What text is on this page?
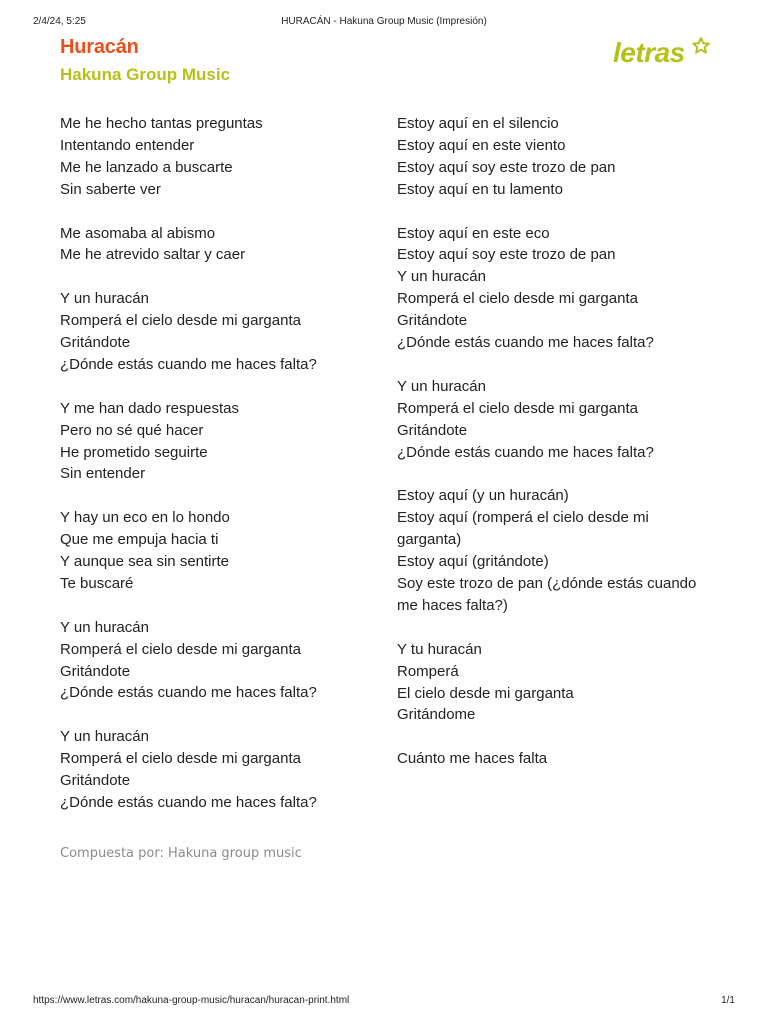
2/4/24, 5:25	HURACÁN - Hakuna Group Music (Impresión)
Huracán
Hakuna Group Music
letras
Me he hecho tantas preguntas
Intentando entender
Me he lanzado a buscarte
Sin saberte ver
Me asomaba al abismo
Me he atrevido saltar y caer
Y un huracán
Romperá el cielo desde mi garganta
Gritándote
¿Dónde estás cuando me haces falta?
Y me han dado respuestas
Pero no sé qué hacer
He prometido seguirte
Sin entender
Y hay un eco en lo hondo
Que me empuja hacia ti
Y aunque sea sin sentirte
Te buscaré
Y un huracán
Romperá el cielo desde mi garganta
Gritándote
¿Dónde estás cuando me haces falta?
Y un huracán
Romperá el cielo desde mi garganta
Gritándote
¿Dónde estás cuando me haces falta?
Estoy aquí en el silencio
Estoy aquí en este viento
Estoy aquí soy este trozo de pan
Estoy aquí en tu lamento
Estoy aquí en este eco
Estoy aquí soy este trozo de pan
Y un huracán
Romperá el cielo desde mi garganta
Gritándote
¿Dónde estás cuando me haces falta?
Y un huracán
Romperá el cielo desde mi garganta
Gritándote
¿Dónde estás cuando me haces falta?
Estoy aquí (y un huracán)
Estoy aquí (romperá el cielo desde mi garganta)
Estoy aquí (gritándote)
Soy este trozo de pan (¿dónde estás cuando me haces falta?)
Y tu huracán
Romperá
El cielo desde mi garganta
Gritándome
Cuánto me haces falta
Compuesta por: Hakuna group music
https://www.letras.com/hakuna-group-music/huracan/huracan-print.html	1/1
